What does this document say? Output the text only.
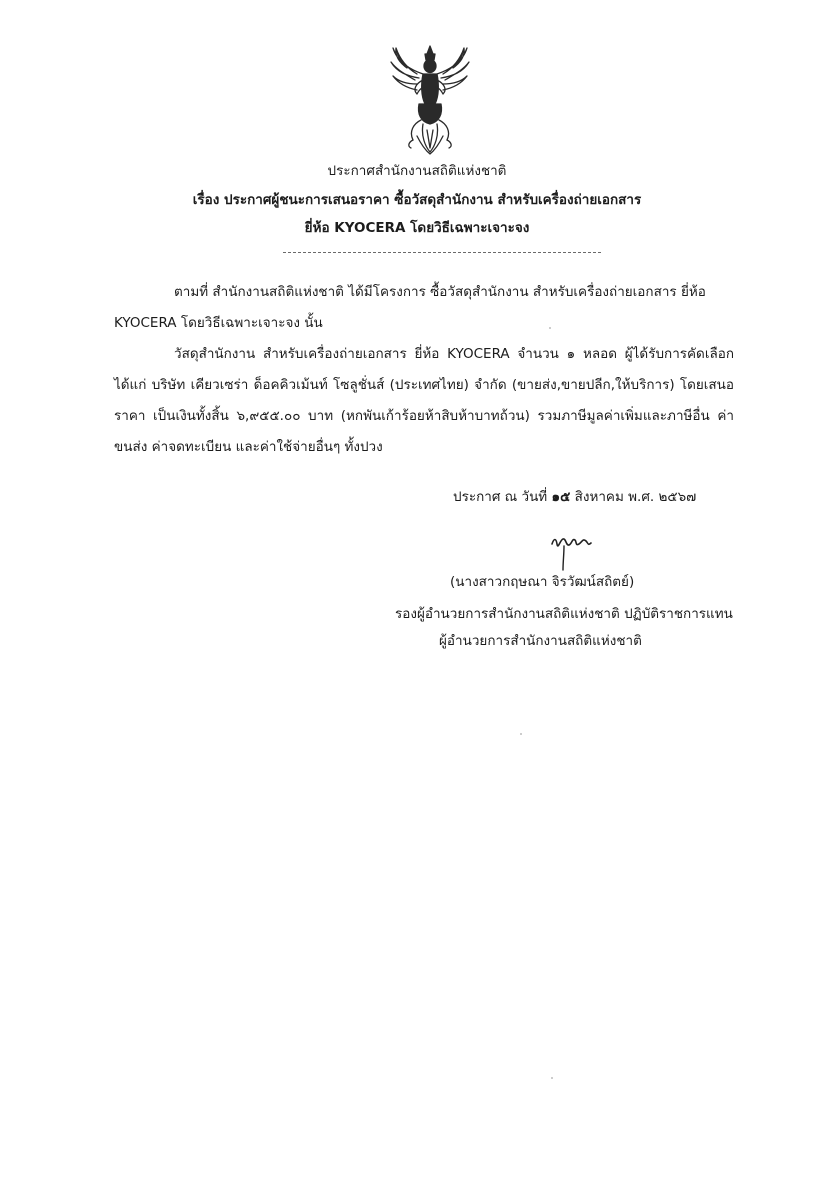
ประกาศสำนักงานสถิติแห่งชาติ
เรื่อง ประกาศผู้ชนะการเสนอราคา ซื้อวัสดุสำนักงาน สำหรับเครื่องถ่ายเอกสาร
ยี่ห้อ KYOCERA โดยวิธีเฉพาะเจาะจง
ตามที่ สำนักงานสถิติแห่งชาติ ได้มีโครงการ ซื้อวัสดุสำนักงาน สำหรับเครื่องถ่ายเอกสาร ยี่ห้อ KYOCERA โดยวิธีเฉพาะเจาะจง นั้น
วัสดุสำนักงาน สำหรับเครื่องถ่ายเอกสาร ยี่ห้อ KYOCERA จำนวน ๑ หลอด ผู้ได้รับการคัดเลือก ได้แก่ บริษัท เคียวเซร่า ด็อคคิวเม้นท์ โซลูชั่นส์ (ประเทศไทย) จำกัด (ขายส่ง,ขายปลีก,ให้บริการ) โดยเสนอราคา เป็นเงินทั้งสิ้น ๖,๙๕๕.๐๐ บาท (หกพันเก้าร้อยห้าสิบห้าบาทถ้วน) รวมภาษีมูลค่าเพิ่มและภาษีอื่น ค่าขนส่ง ค่าจดทะเบียน และค่าใช้จ่ายอื่นๆ ทั้งปวง
ประกาศ ณ วันที่ ๑๕ สิงหาคม พ.ศ. ๒๕๖๗
(นางสาวกฤษณา จิรวัฒน์สถิตย์)
รองผู้อำนวยการสำนักงานสถิติแห่งชาติ ปฏิบัติราชการแทน
ผู้อำนวยการสำนักงานสถิติแห่งชาติ
